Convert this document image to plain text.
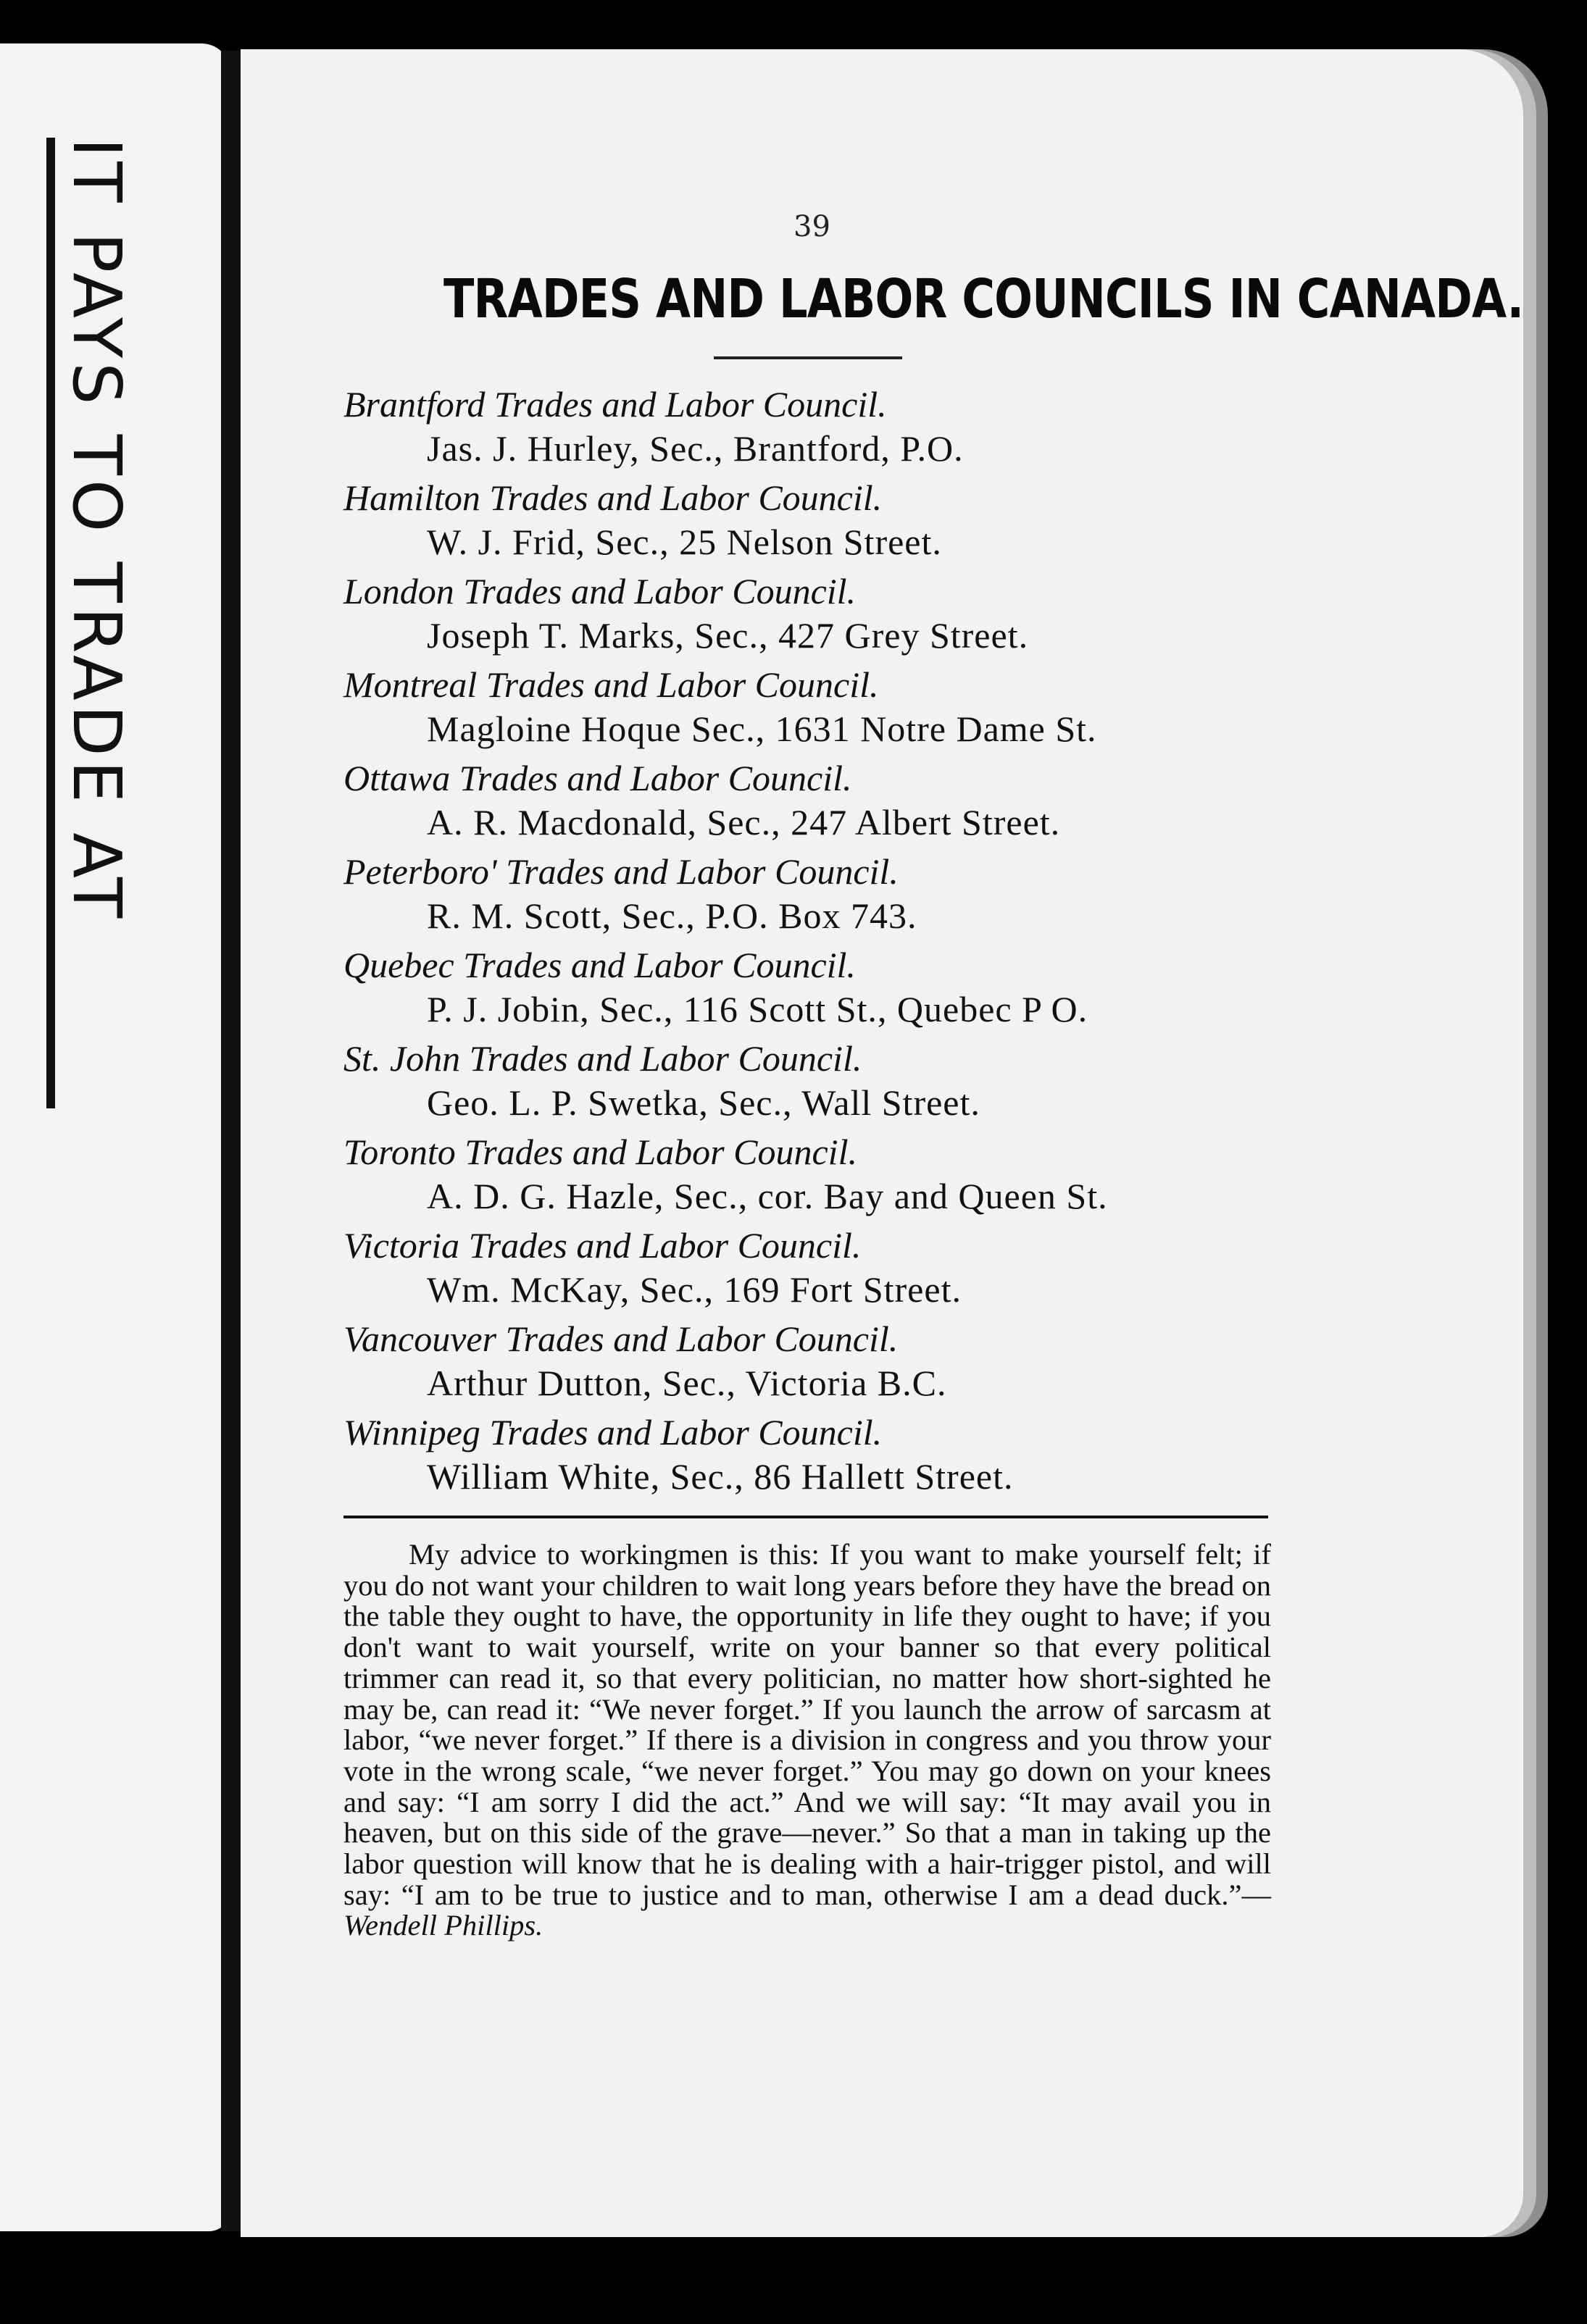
IT PAYS TO TRADE AT	39
TRADES AND LABOR COUNCILS IN CANADA.
Brantford Trades and Labor Council.
Jas. J. Hurley, Sec., Brantford, P.O.
Hamilton Trades and Labor Council.
W. J. Frid, Sec., 25 Nelson Street.
London Trades and Labor Council.
Joseph T. Marks, Sec., 427 Grey Street.
Montreal Trades and Labor Council.
Magloine Hoque Sec., 1631 Notre Dame St.
Ottawa Trades and Labor Council.
A. R. Macdonald, Sec., 247 Albert Street.
Peterboro' Trades and Labor Council.
R. M. Scott, Sec., P.O. Box 743.
Quebec Trades and Labor Council.
P. J. Jobin, Sec., 116 Scott St., Quebec P O.
St. John Trades and Labor Council.
Geo. L. P. Swetka, Sec., Wall Street.
Toronto Trades and Labor Council.
A. D. G. Hazle, Sec., cor. Bay and Queen St.
Victoria Trades and Labor Council.
Wm. McKay, Sec., 169 Fort Street.
Vancouver Trades and Labor Council.
Arthur Dutton, Sec., Victoria B.C.
Winnipeg Trades and Labor Council.
William White, Sec., 86 Hallett Street.
My advice to workingmen is this: If you want to make yourself felt; if you do not want your children to wait long years before they have the bread on the table they ought to have, the opportunity in life they ought to have; if you don't want to wait yourself, write on your banner so that every political trimmer can read it, so that every politician, no matter how short-sighted he may be, can read it: “We never forget.” If you launch the arrow of sarcasm at labor, “we never forget.” If there is a division in congress and you throw your vote in the wrong scale, “we never forget.” You may go down on your knees and say: “I am sorry I did the act.” And we will say: “It may avail you in heaven, but on this side of the grave—never.” So that a man in taking up the labor question will know that he is dealing with a hair-trigger pistol, and will say: “I am to be true to justice and to man, otherwise I am a dead duck.”— Wendell Phillips.
